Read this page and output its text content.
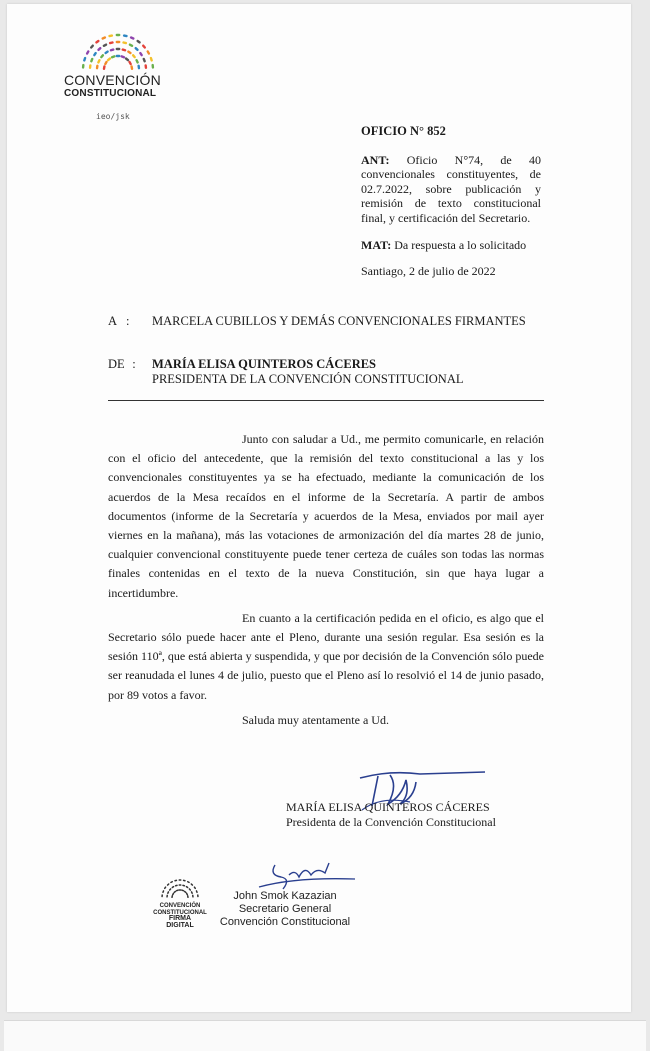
CONVENCIÓN
CONSTITUCIONAL
ieo/jsk
OFICIO N° 852
ANT: Oficio N°74, de 40 convencionales constituyentes, de 02.7.2022, sobre publicación y remisión de texto constitucional final, y certificación del Secretario.
MAT: Da respuesta a lo solicitado
Santiago, 2 de julio de 2022
A : MARCELA CUBILLOS Y DEMÁS CONVENCIONALES FIRMANTES
DE  : MARÍA ELISA QUINTEROS CÁCERES
PRESIDENTA DE LA CONVENCIÓN CONSTITUCIONAL

Junto con saludar a Ud., me permito comunicarle, en relación con el oficio del antecedente, que la remisión del texto constitucional a las y los convencionales constituyentes ya se ha efectuado, mediante la comunicación de los acuerdos de la Mesa recaídos en el informe de la Secretaría. A partir de ambos documentos (informe de la Secretaría y acuerdos de la Mesa, enviados por mail ayer viernes en la mañana), más las votaciones de armonización del día martes 28 de junio, cualquier convencional constituyente puede tener certeza de cuáles son todas las normas finales contenidas en el texto de la nueva Constitución, sin que haya lugar a incertidumbre.

En cuanto a la certificación pedida en el oficio, es algo que el Secretario sólo puede hacer ante el Pleno, durante una sesión regular. Esa sesión es la sesión 110ª, que está abierta y suspendida, y que por decisión de la Convención sólo puede ser reanudada el lunes 4 de julio, puesto que el Pleno así lo resolvió el 14 de junio pasado, por 89 votos a favor.

Saluda muy atentamente a Ud.

MARÍA ELISA QUINTEROS CÁCERES
Presidenta de la Convención Constitucional
CONVENCIÓN
CONSTITUCIONAL
FIRMA
DIGITAL
John Smok Kazazian
Secretario General
Convención Constitucional
